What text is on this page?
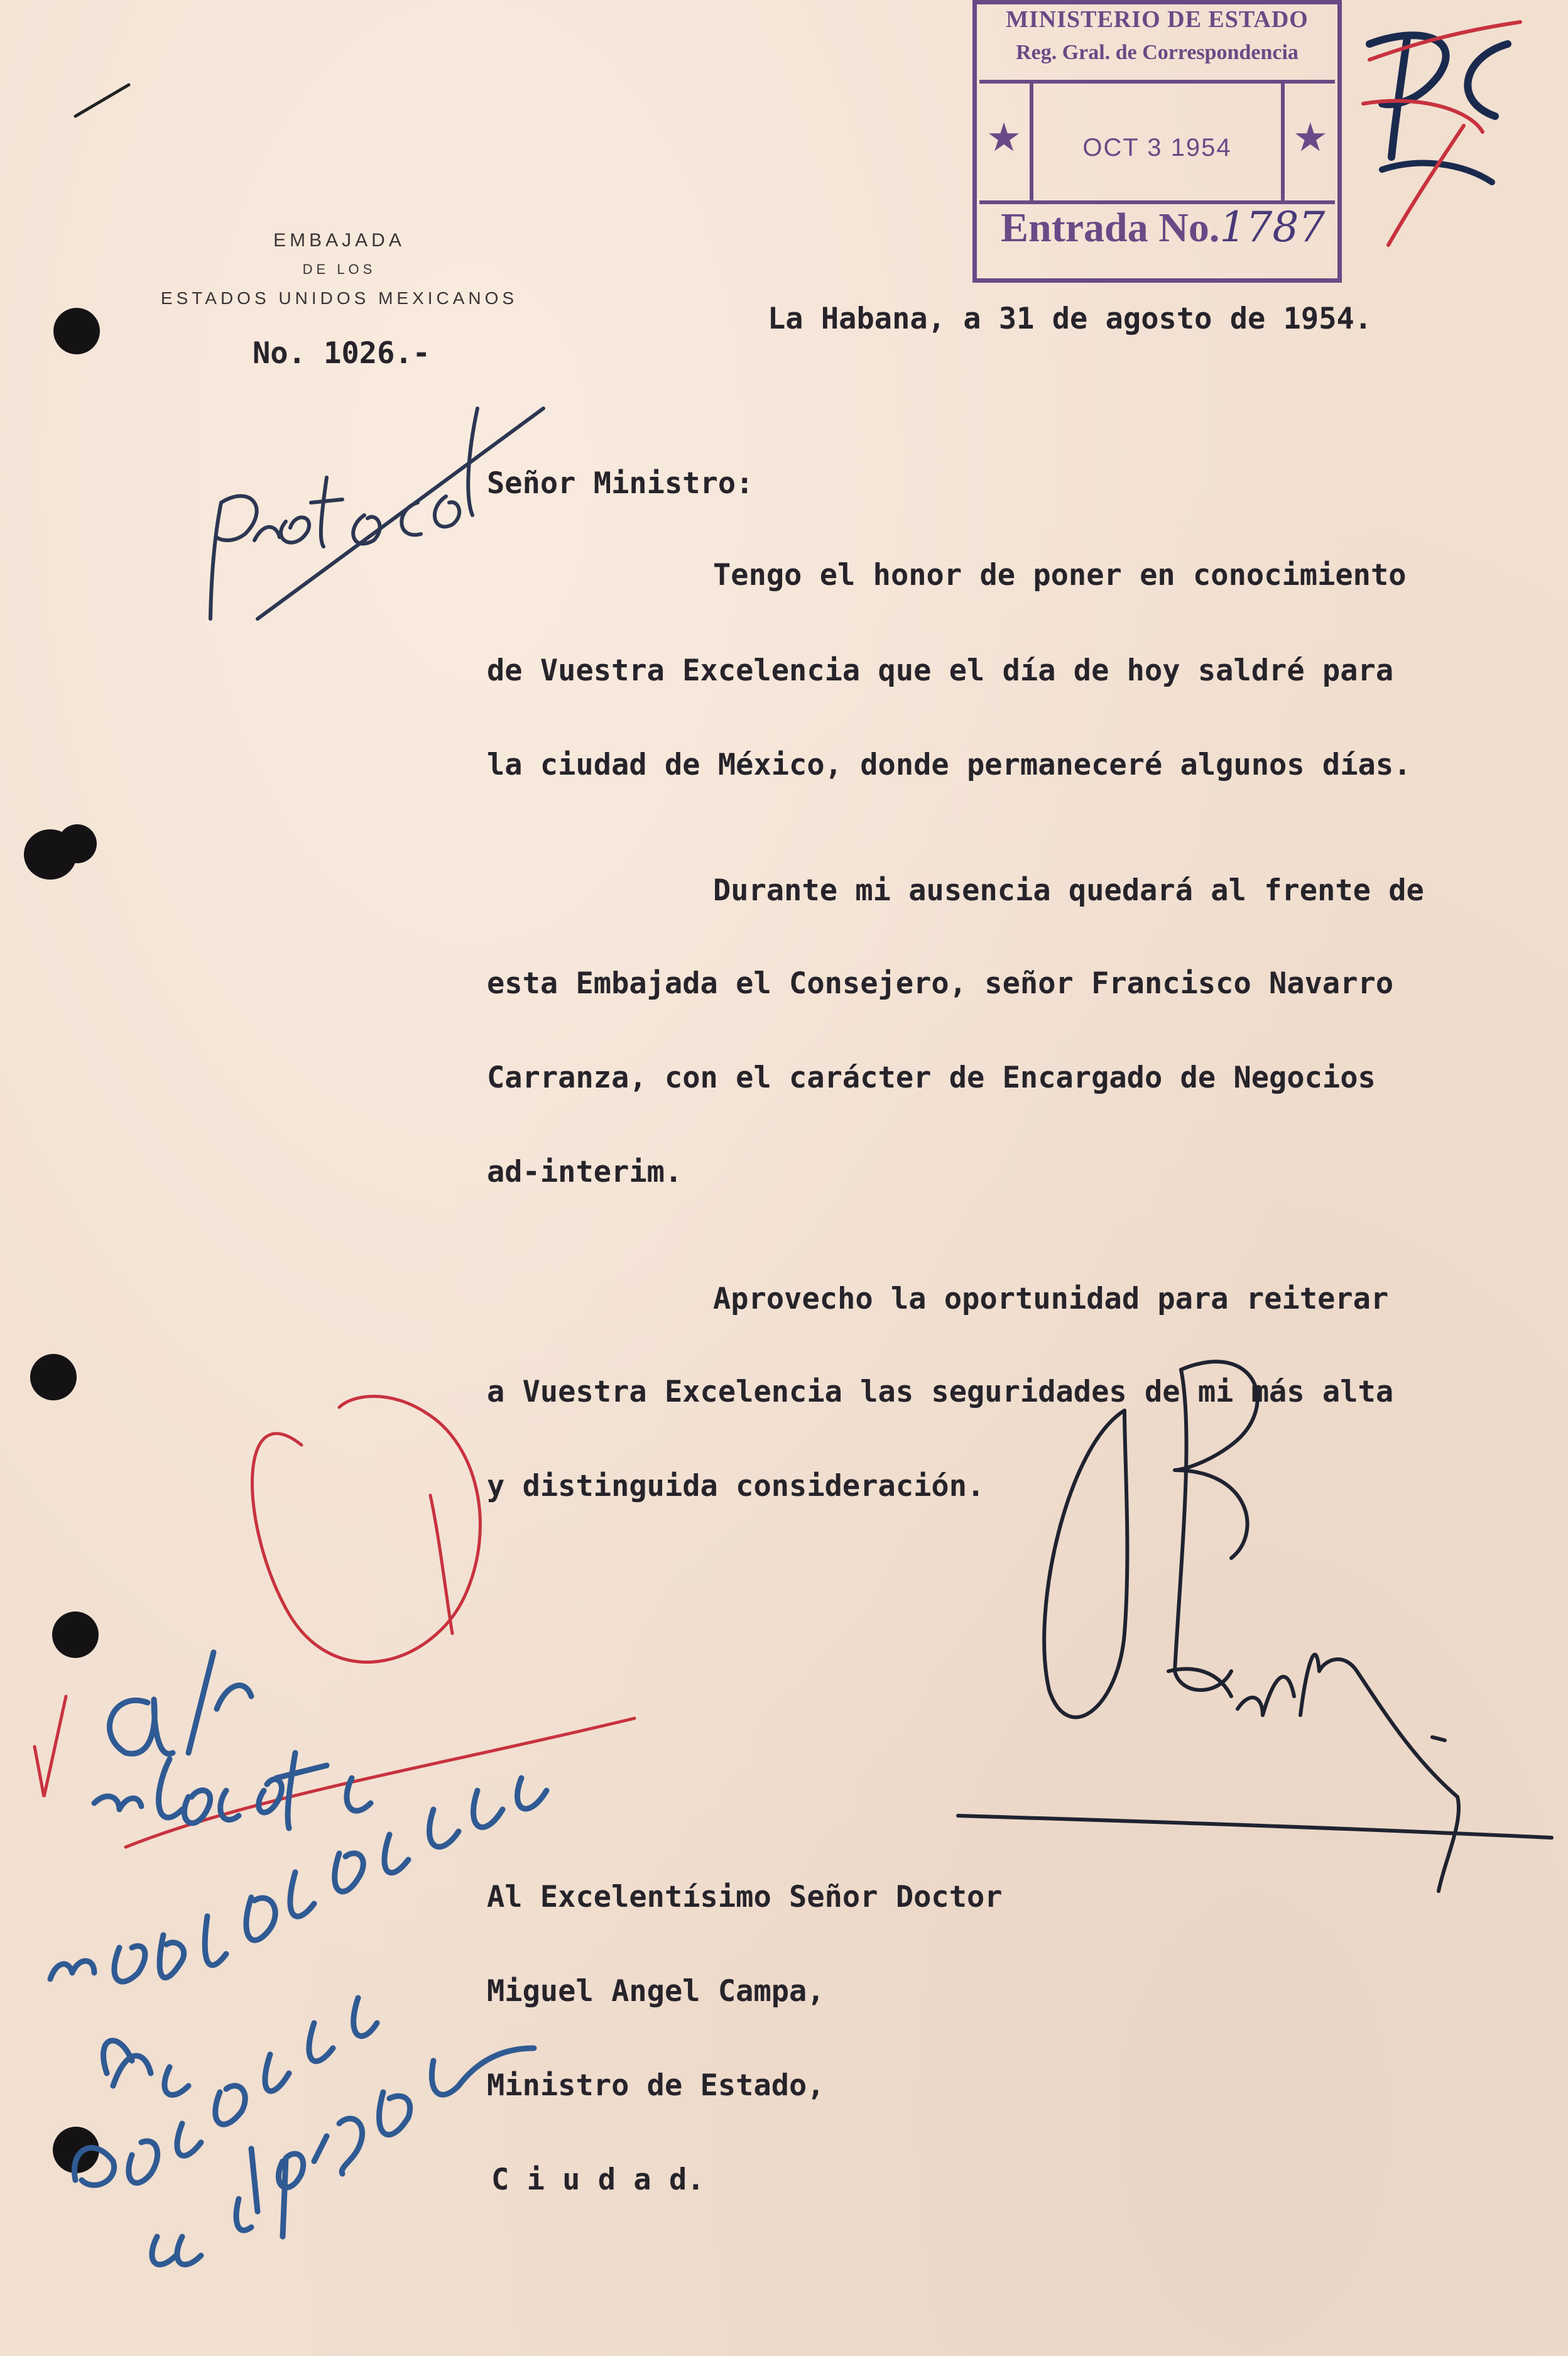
EMBAJADA
DE LOS
ESTADOS UNIDOS MEXICANOS
MINISTERIO DE ESTADO
Reg. Gral. de Correspondencia
★	OCT 3 1954	★
Entrada No.1787
No. 1026.-
La Habana, a 31 de agosto de 1954.
Señor Ministro:
Tengo el honor de poner en conocimiento
de Vuestra Excelencia que el día de hoy saldré para
la ciudad de México, donde permaneceré algunos días.
Durante mi ausencia quedará al frente de
esta Embajada el Consejero, señor Francisco Navarro
Carranza, con el carácter de Encargado de Negocios
ad-interim.
Aprovecho la oportunidad para reiterar
a Vuestra Excelencia las seguridades de mi más alta
y distinguida consideración.
Al Excelentísimo Señor Doctor
Miguel Angel Campa,
Ministro de Estado,
C i u d a d.
